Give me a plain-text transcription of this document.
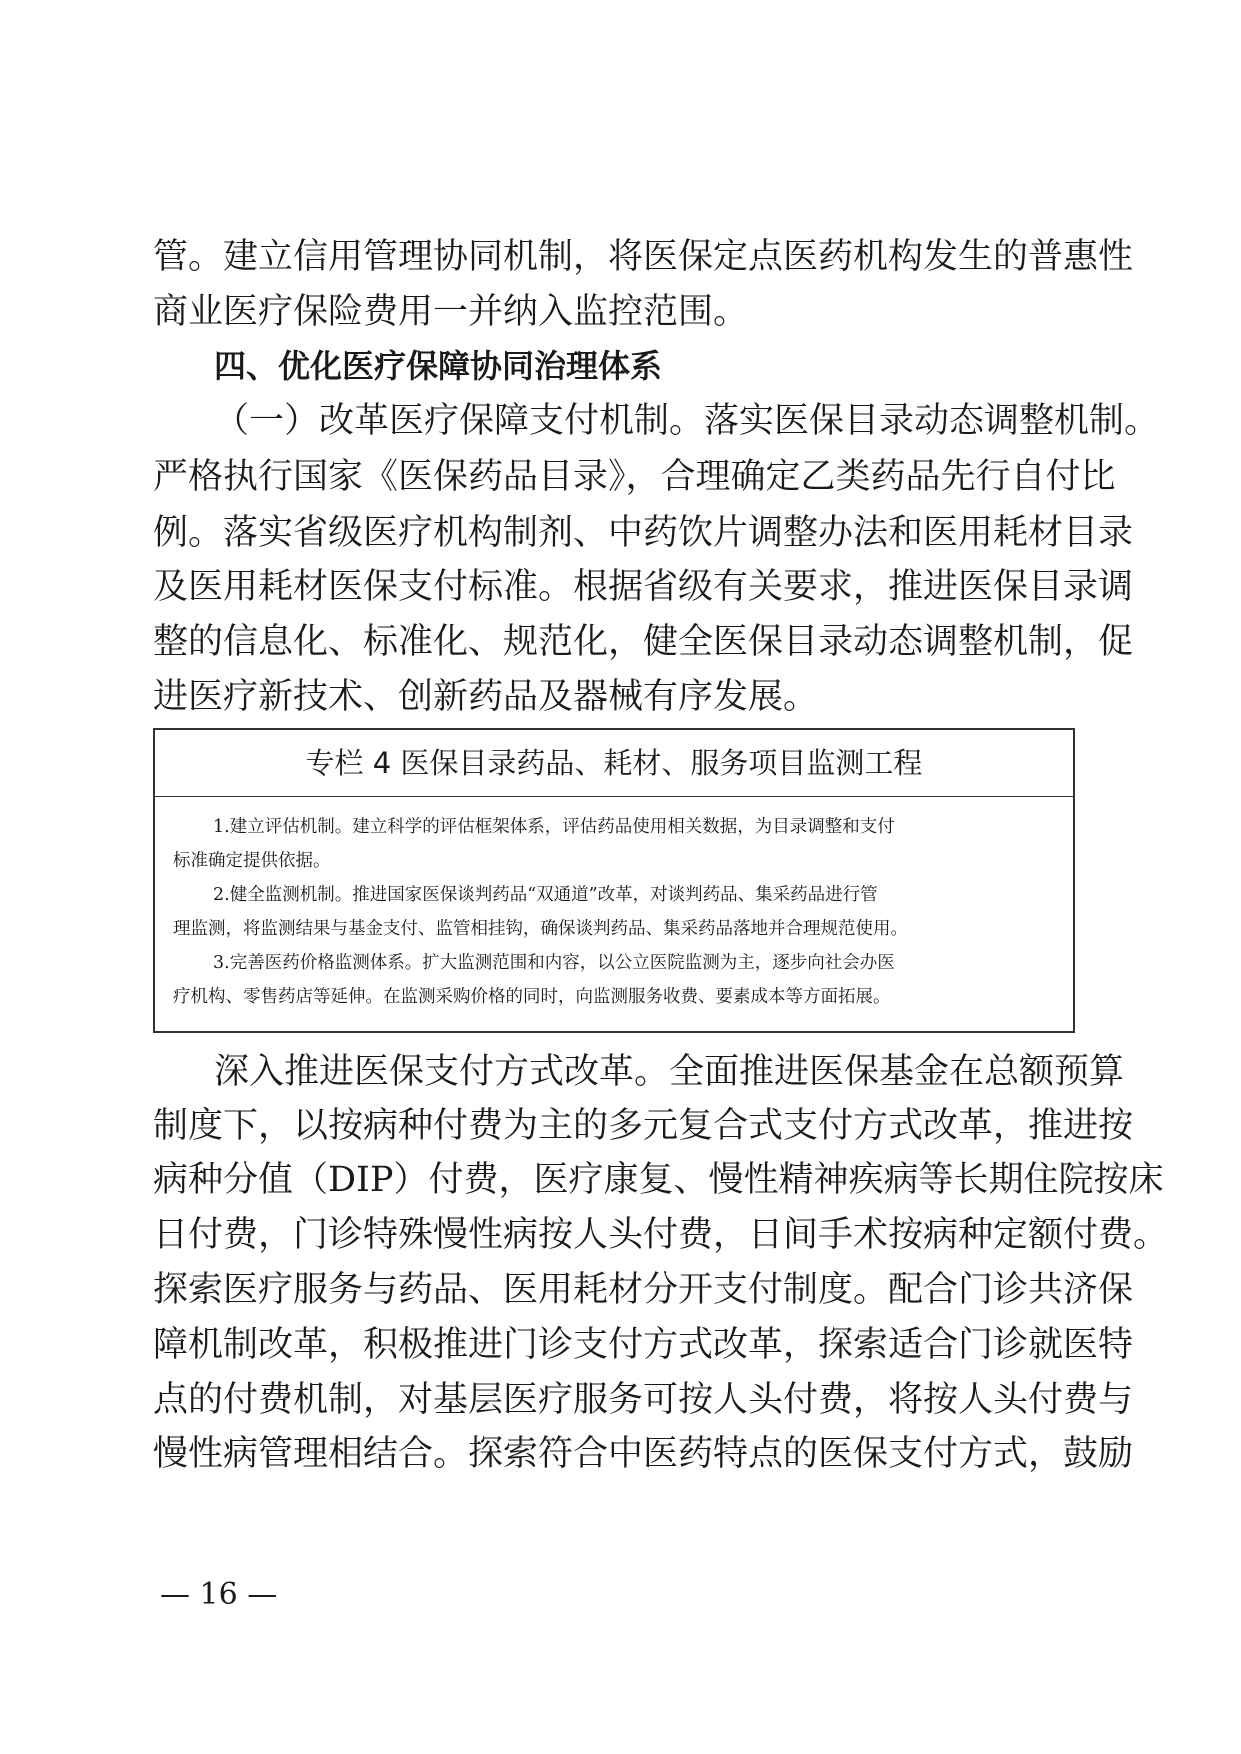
管。建立信用管理协同机制，将医保定点医药机构发生的普惠性
商业医疗保险费用一并纳入监控范围。
四、优化医疗保障协同治理体系
（一）改革医疗保障支付机制。落实医保目录动态调整机制。
严格执行国家《医保药品目录》，合理确定乙类药品先行自付比
例。落实省级医疗机构制剂、中药饮片调整办法和医用耗材目录
及医用耗材医保支付标准。根据省级有关要求，推进医保目录调
整的信息化、标准化、规范化，健全医保目录动态调整机制，促
进医疗新技术、创新药品及器械有序发展。
专栏 4 医保目录药品、耗材、服务项目监测工程
1.建立评估机制。建立科学的评估框架体系，评估药品使用相关数据，为目录调整和支付
标准确定提供依据。
2.健全监测机制。推进国家医保谈判药品“双通道”改革，对谈判药品、集采药品进行管
理监测，将监测结果与基金支付、监管相挂钩，确保谈判药品、集采药品落地并合理规范使用。
3.完善医药价格监测体系。扩大监测范围和内容，以公立医院监测为主，逐步向社会办医
疗机构、零售药店等延伸。在监测采购价格的同时，向监测服务收费、要素成本等方面拓展。
深入推进医保支付方式改革。全面推进医保基金在总额预算
制度下，以按病种付费为主的多元复合式支付方式改革，推进按
病种分值（DIP）付费，医疗康复、慢性精神疾病等长期住院按床
日付费，门诊特殊慢性病按人头付费，日间手术按病种定额付费。
探索医疗服务与药品、医用耗材分开支付制度。配合门诊共济保
障机制改革，积极推进门诊支付方式改革，探索适合门诊就医特
点的付费机制，对基层医疗服务可按人头付费，将按人头付费与
慢性病管理相结合。探索符合中医药特点的医保支付方式，鼓励
— 16 —
